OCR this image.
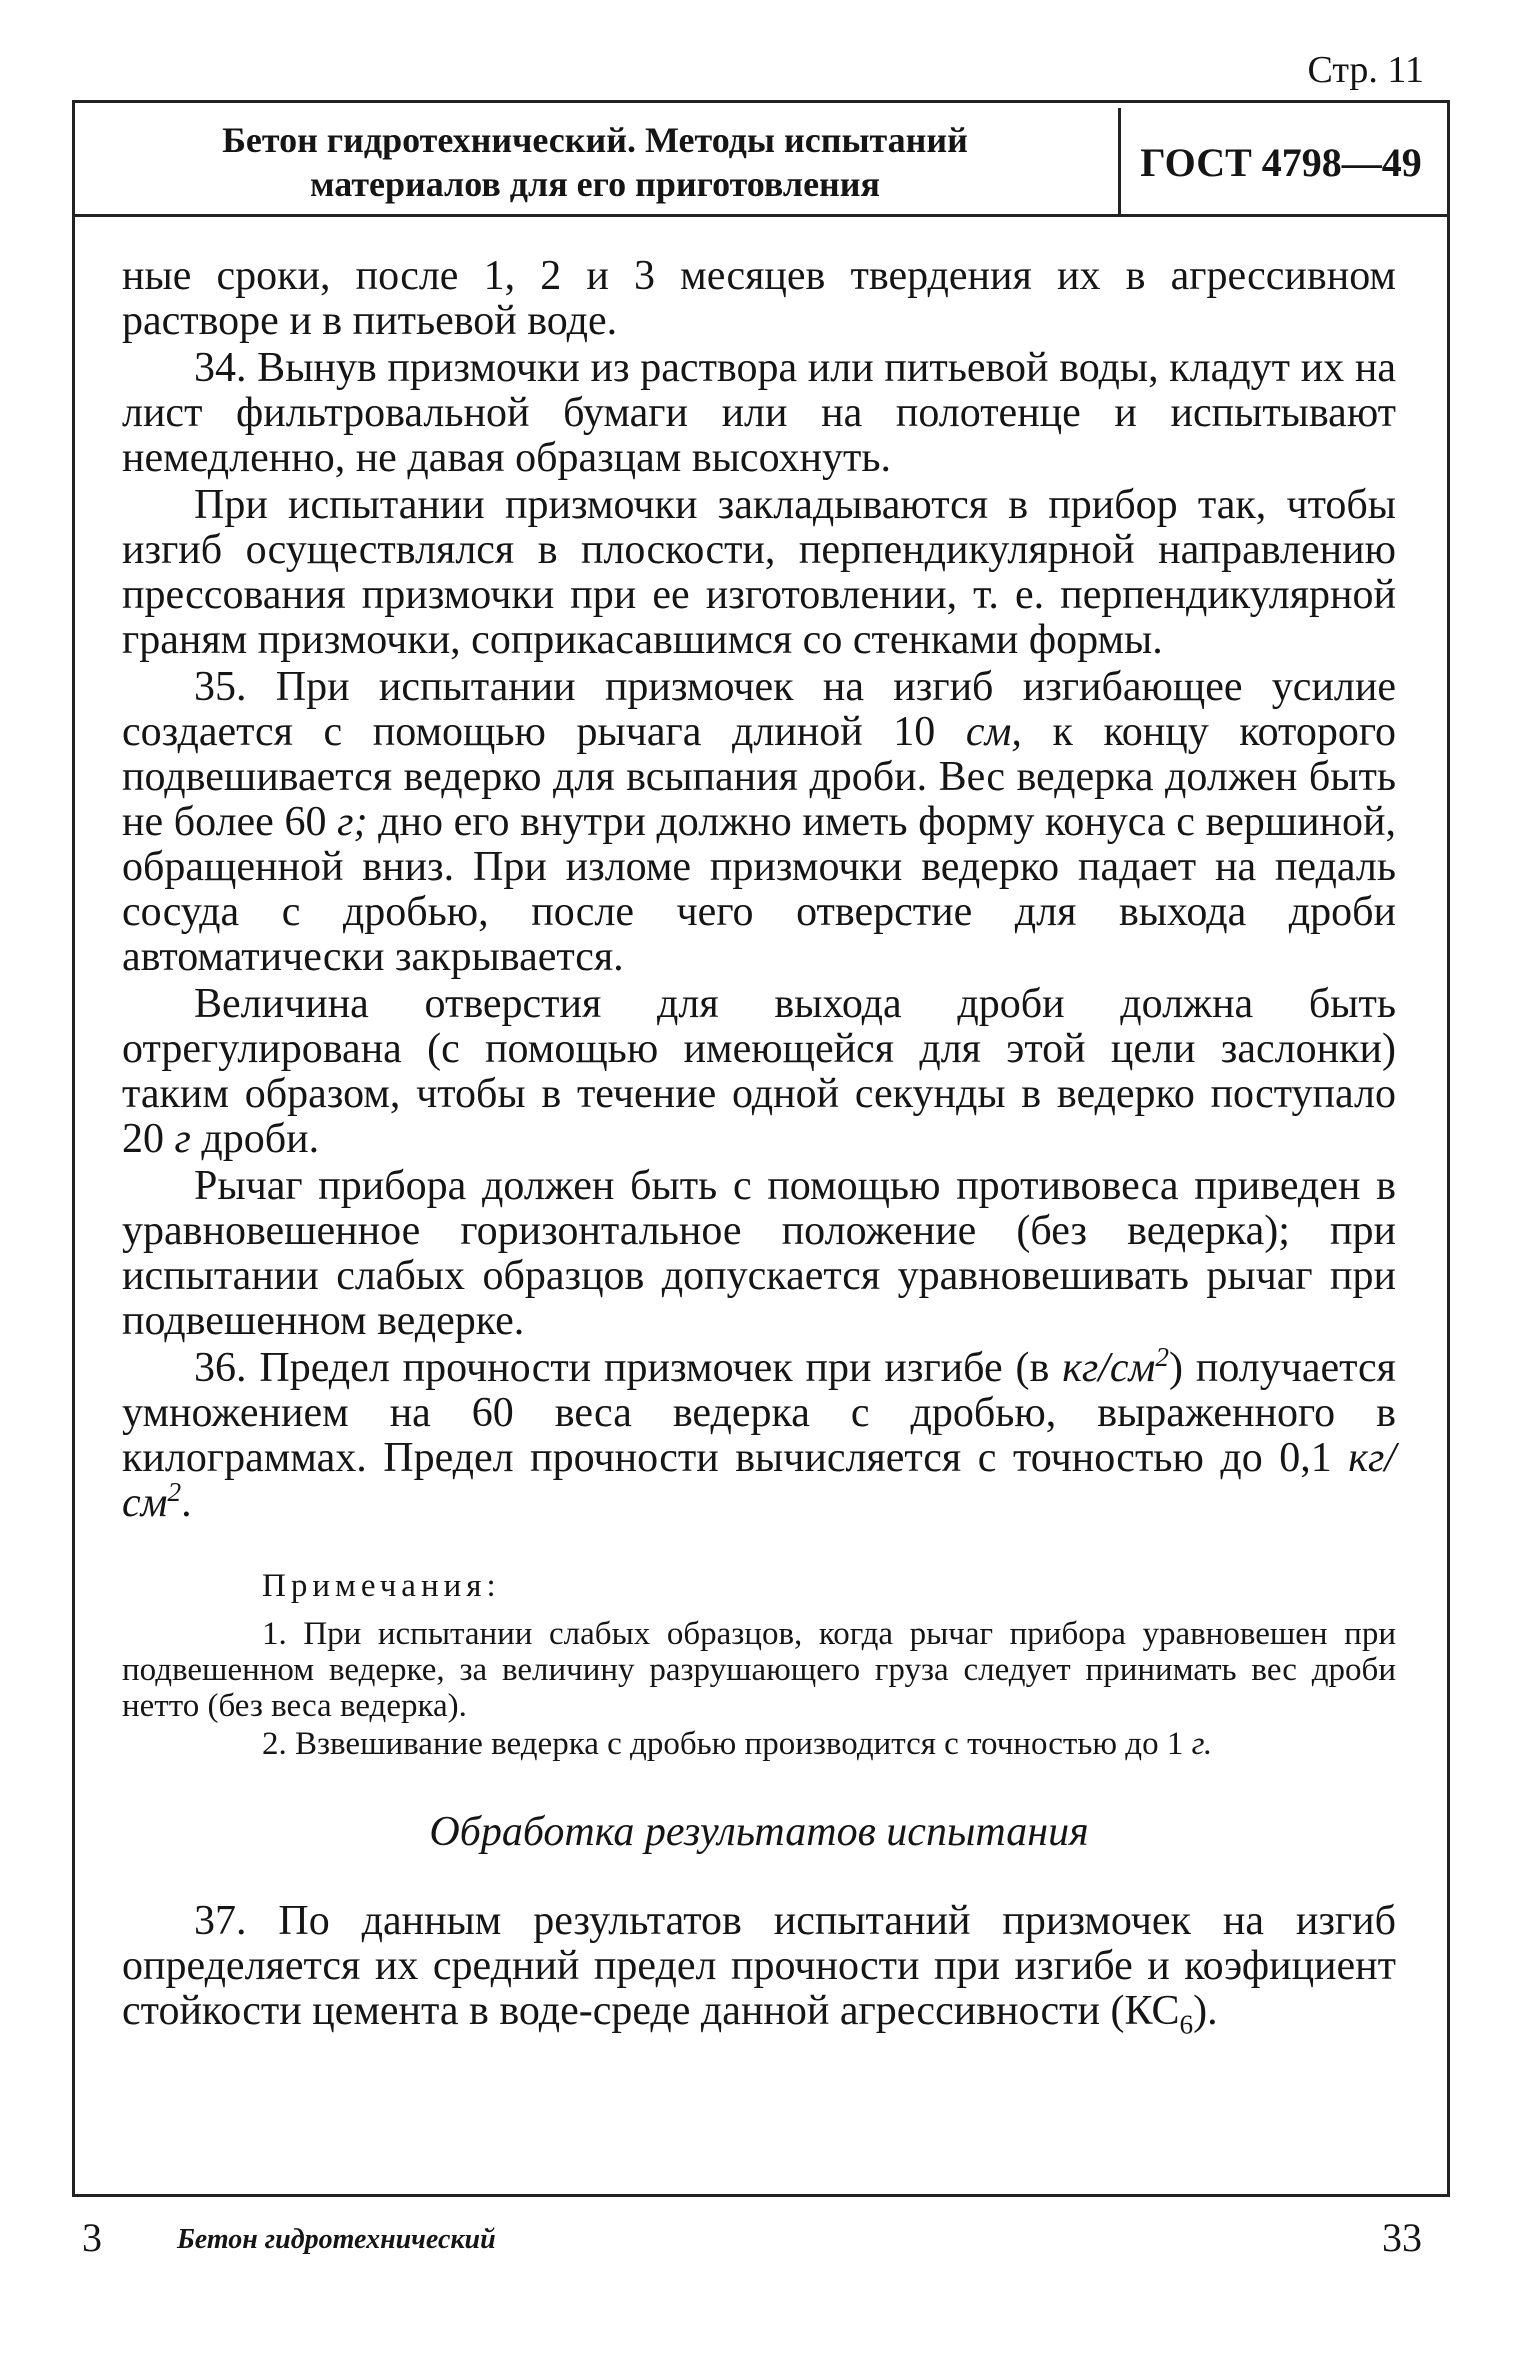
Стр. 11
Бетон гидротехнический. Методы испытаний
материалов для его приготовления	ГОСТ 4798—49

ные сроки, после 1, 2 и 3 месяцев твердения их в агрессивном растворе и в питьевой воде.

34. Вынув призмочки из раствора или питьевой воды, кладут их на лист фильтровальной бумаги или на полотенце и испытывают немедленно, не давая образцам высохнуть.

При испытании призмочки закладываются в прибор так, чтобы изгиб осуществлялся в плоскости, перпендикулярной направлению прессования призмочки при ее изготовлении, т. е. перпендикулярной граням призмочки, соприкасавшимся со стенками формы.

35. При испытании призмочек на изгиб изгибающее усилие создается с помощью рычага длиной 10 см, к концу которого подвешивается ведерко для всыпания дроби. Вес ведерка должен быть не более 60 г; дно его внутри должно иметь форму конуса с вершиной, обращенной вниз. При изломе призмочки ведерко падает на педаль сосуда с дробью, после чего отверстие для выхода дроби автоматически закрывается.

Величина отверстия для выхода дроби должна быть отрегулирована (с помощью имеющейся для этой цели заслонки) таким образом, чтобы в течение одной секунды в ведерко поступало 20 г дроби.

Рычаг прибора должен быть с помощью противовеса приведен в уравновешенное горизонтальное положение (без ведерка); при испытании слабых образцов допускается уравновешивать рычаг при подвешенном ведерке.

36. Предел прочности призмочек при изгибе (в $кг/см^2$) получается умножением на 60 веса ведерка с дробью, выраженного в килограммах. Предел прочности вычисляется с точностью до 0,1 $кг/см^2$.

Примечания:

1. При испытании слабых образцов, когда рычаг прибора уравновешен при подвешенном ведерке, за величину разрушающего груза следует принимать вес дроби нетто (без веса ведерка).

2. Взвешивание ведерка с дробью производится с точностью до 1 г.

Обработка результатов испытания

37. По данным результатов испытаний призмочек на изгиб определяется их средний предел прочности при изгибе и коэфициент стойкости цемента в воде-среде данной агрессивности $(КС_6)$.

3	Бетон гидротехнический	33
